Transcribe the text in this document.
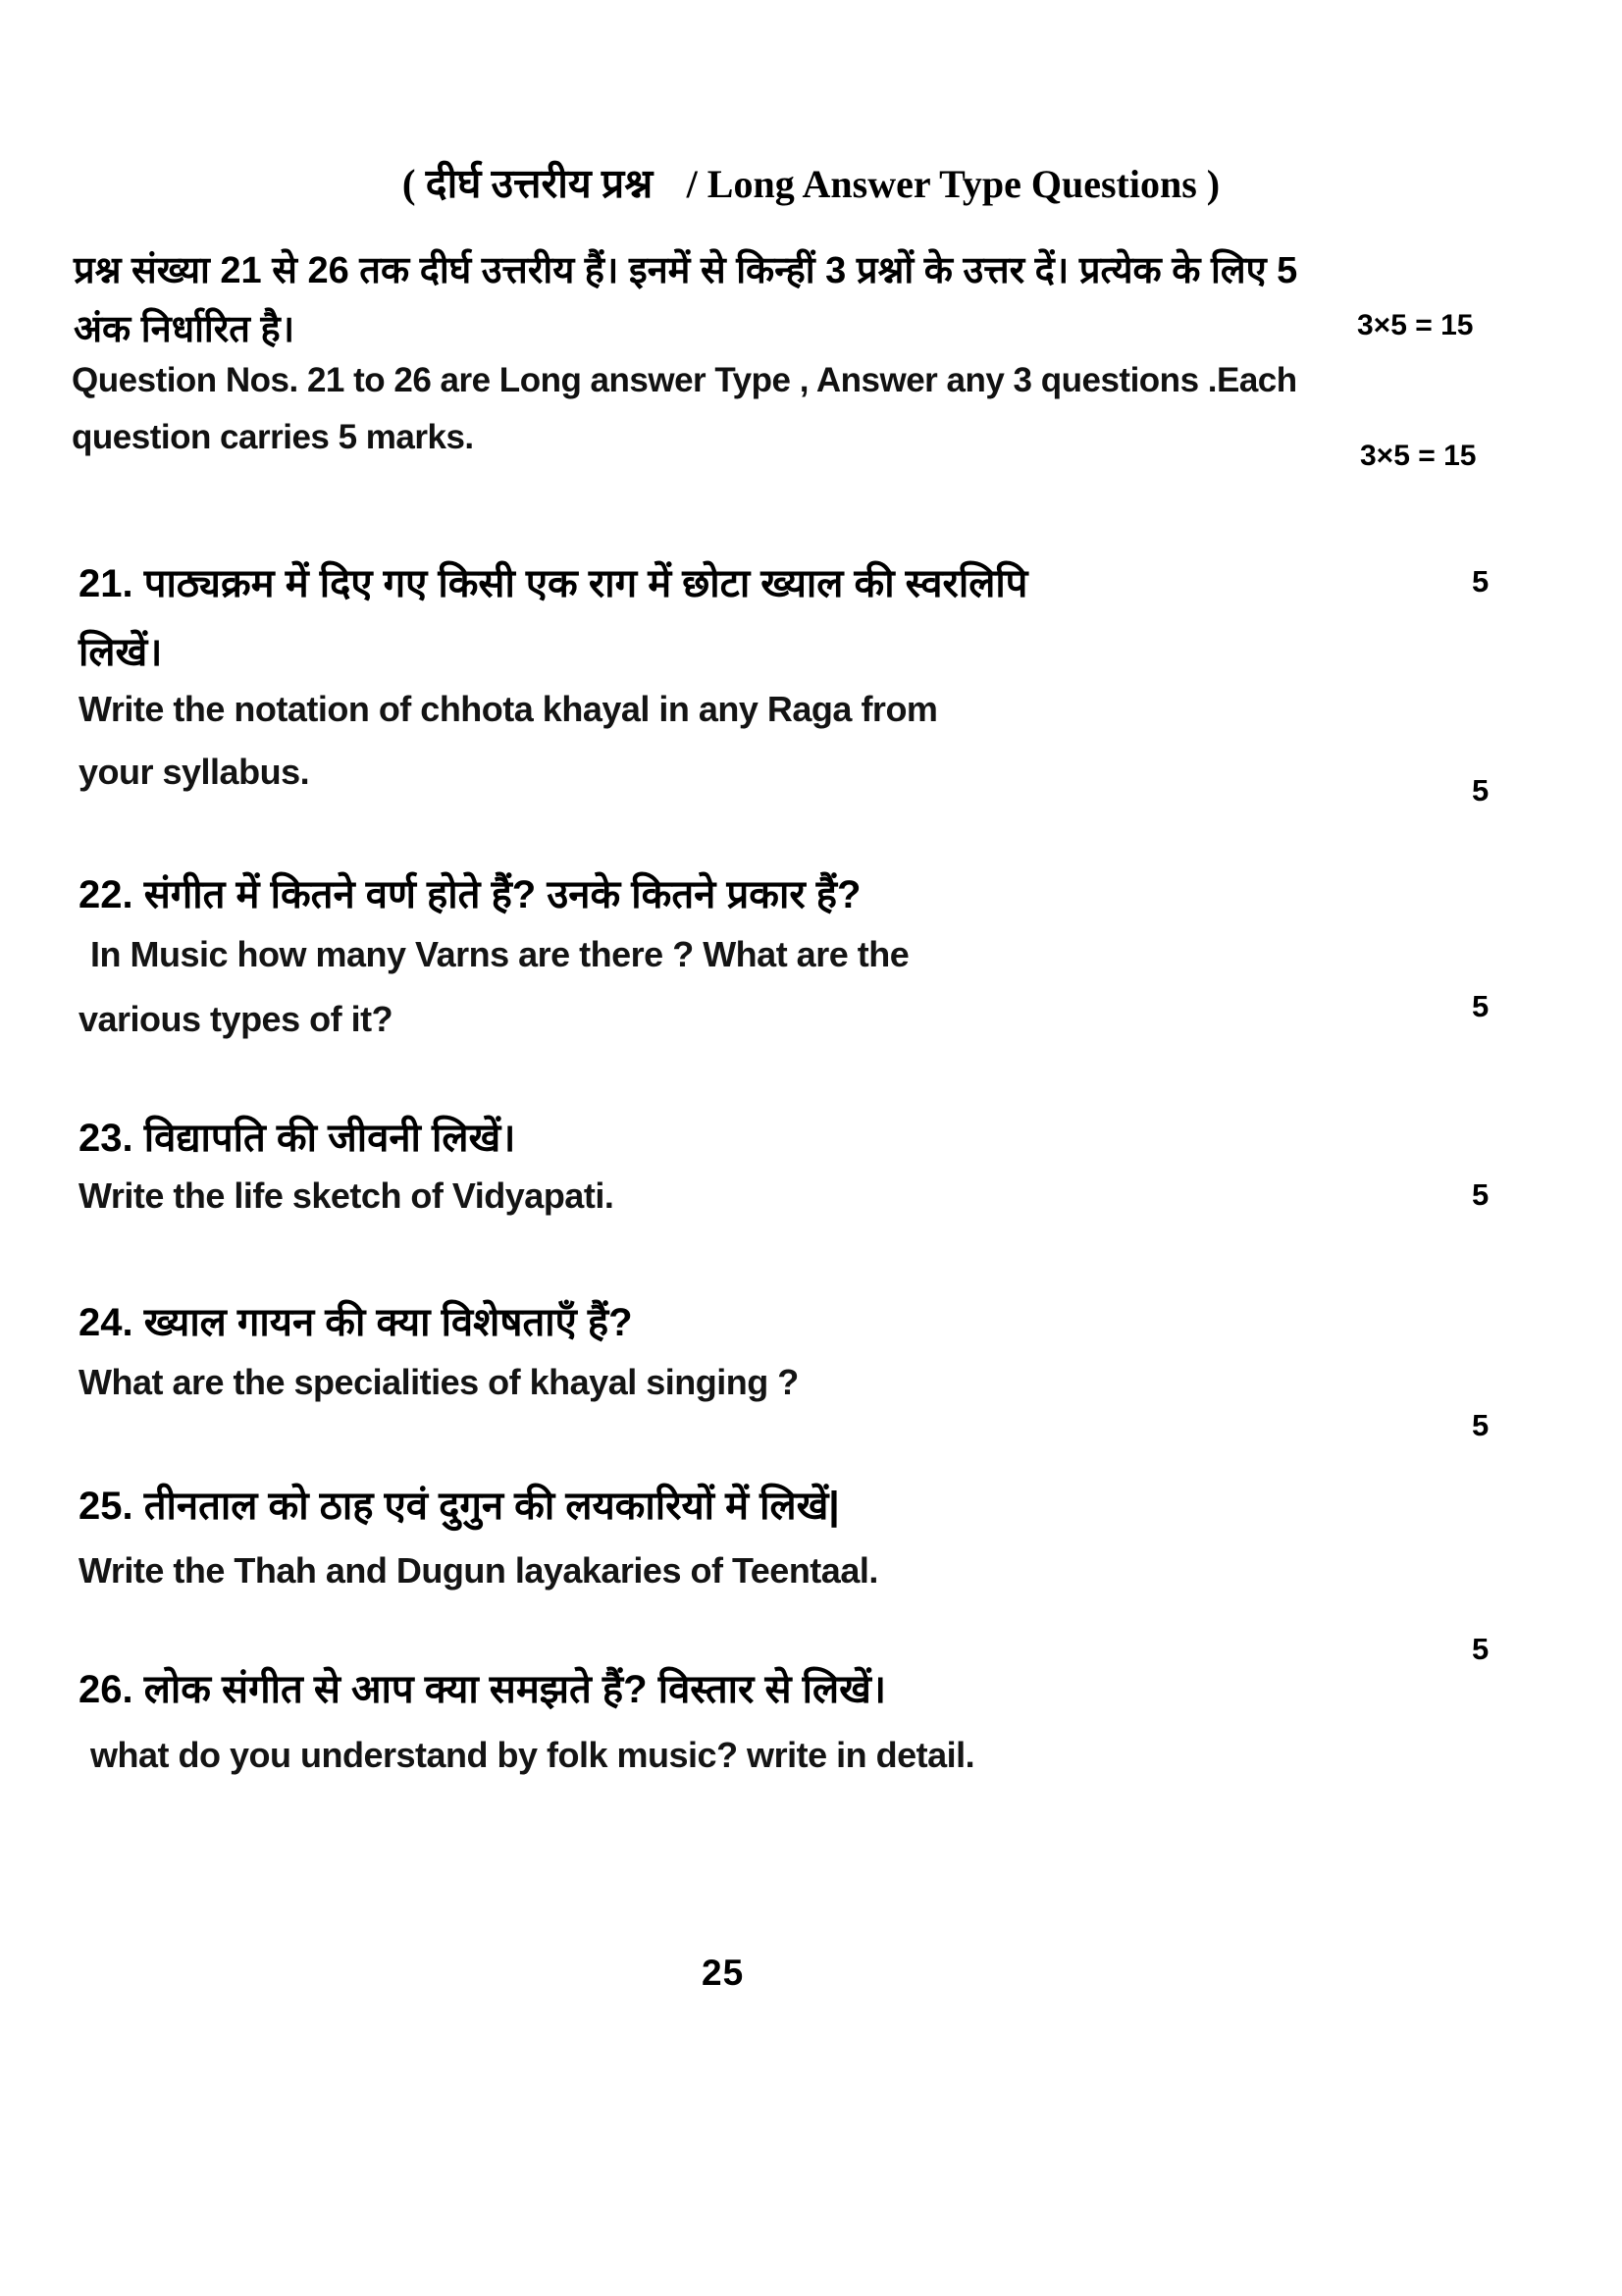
( दीर्घ उत्तरीय प्रश्न / Long Answer Type Questions )
प्रश्न संख्या 21 से 26 तक दीर्घ उत्तरीय हैं। इनमें से किन्हीं 3 प्रश्नों के उत्तर दें। प्रत्येक के लिए 5
अंक निर्धारित है।	3×5 = 15
Question Nos. 21 to 26 are Long answer Type , Answer any 3 questions .Each
question carries 5 marks.	3×5 = 15
21. पाठ्यक्रम में दिए गए किसी एक राग में छोटा ख्याल की स्वरलिपि
लिखें।
Write the notation of chhota khayal in any Raga from
your syllabus.
5
22. संगीत में कितने वर्ण होते हैं? उनके कितने प्रकार हैं?
In Music how many Varns are there ? What are the
various types of it?
5
23. विद्यापति की जीवनी लिखें।
Write the life sketch of Vidyapati.
5
24. ख्याल गायन की क्या विशेषताएँ हैं?
What are the specialities of khayal singing ?
5
25. तीनताल को ठाह एवं दुगुन की लयकारियों में लिखें|
Write the Thah and Dugun layakaries of Teentaal.
5
26. लोक संगीत से आप क्या समझते हैं? विस्तार से लिखें।
what do you understand by folk music? write in detail.
5
25
